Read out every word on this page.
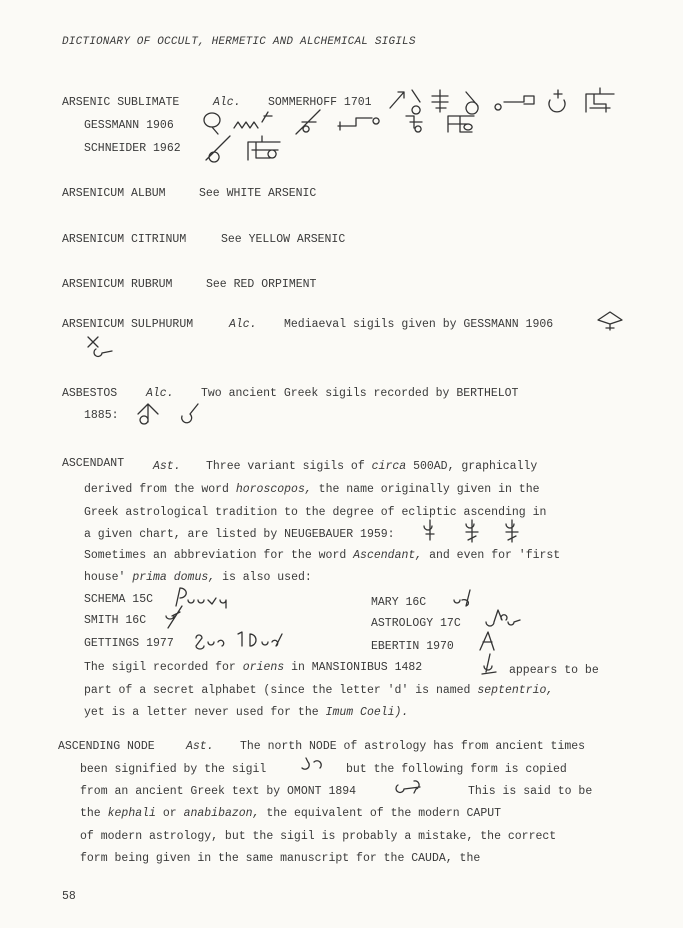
DICTIONARY OF OCCULT, HERMETIC AND ALCHEMICAL SIGILS
ARSENIC SUBLIMATE	Alc. SOMMERHOFF 1701
GESSMANN 1906
SCHNEIDER 1962
ARSENICUM ALBUM	See WHITE ARSENIC
ARSENICUM CITRINUM	See YELLOW ARSENIC
ARSENICUM RUBRUM	See RED ORPIMENT
ARSENICUM SULPHURUM	Alc. Mediaeval sigils given by GESSMANN 1906
ASBESTOS	Alc. Two ancient Greek sigils recorded by BERTHELOT
1885:
ASCENDANT	Ast. Three variant sigils of circa 500AD, graphically
derived from the word horoscopos, the name originally given in the
Greek astrological tradition to the degree of ecliptic ascending in
a given chart, are listed by NEUGEBAUER 1959:
Sometimes an abbreviation for the word Ascendant, and even for 'first
house' prima domus, is also used:
SCHEMA 15C	MARY 16C
SMITH 16C	ASTROLOGY 17C
GETTINGS 1977	EBERTIN 1970
The sigil recorded for oriens in MANSIONIBUS 1482	appears to be
part of a secret alphabet (since the letter 'd' is named septentrio,
yet is a letter never used for the Imum Coeli).
ASCENDING NODE	Ast. The north NODE of astrology has from ancient times
been signified by the sigil	but the following form is copied
from an ancient Greek text by OMONT 1894	This is said to be
the kephali or anabibazon, the equivalent of the modern CAPUT
of modern astrology, but the sigil is probably a mistake, the correct
form being given in the same manuscript for the CAUDA, the
58
